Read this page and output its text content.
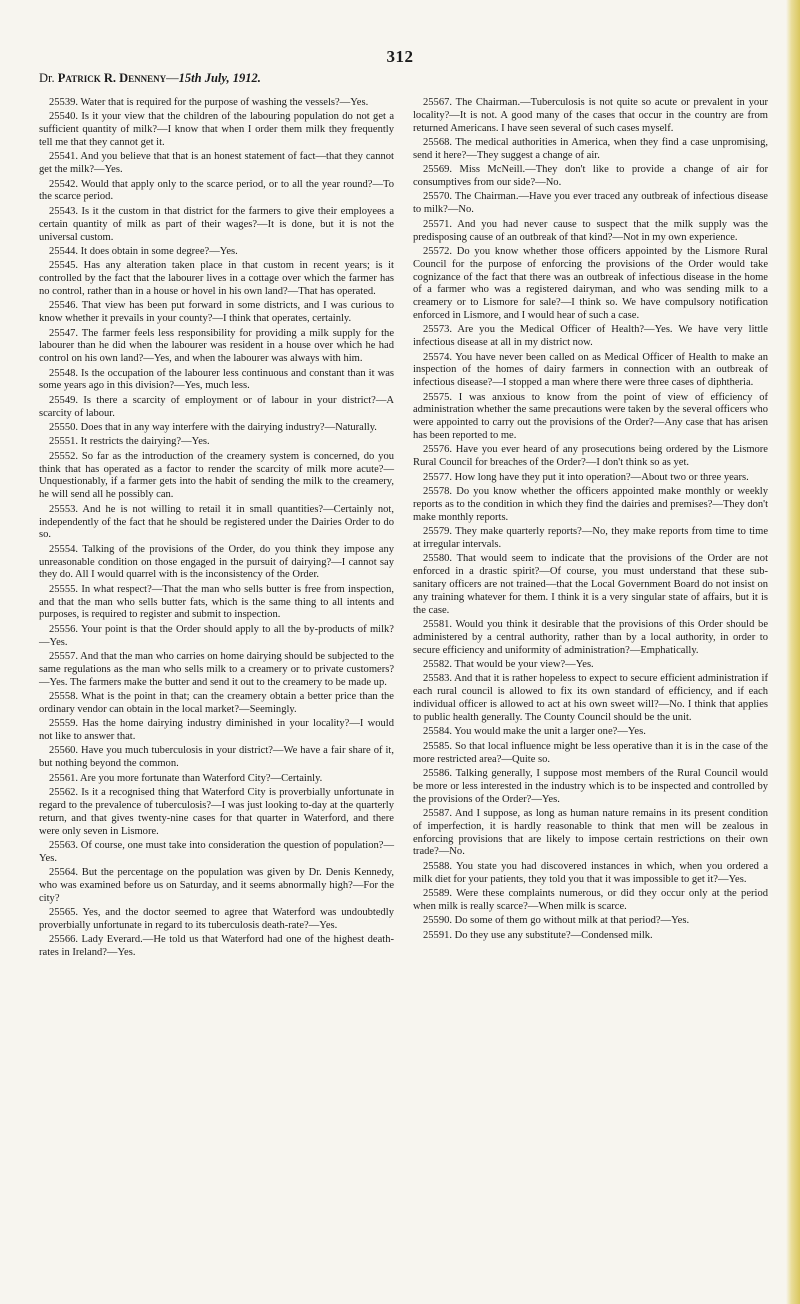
312
Dr. Patrick R. Denneny—15th July, 1912.

25539. Water that is required for the purpose of washing the vessels?—Yes.

25540. Is it your view that the children of the labouring population do not get a sufficient quantity of milk?—I know that when I order them milk they frequently tell me that they cannot get it.

25541. And you believe that that is an honest statement of fact—that they cannot get the milk?—Yes.

25542. Would that apply only to the scarce period, or to all the year round?—To the scarce period.

25543. Is it the custom in that district for the farmers to give their employees a certain quantity of milk as part of their wages?—It is done, but it is not the universal custom.

25544. It does obtain in some degree?—Yes.

25545. Has any alteration taken place in that custom in recent years; is it controlled by the fact that the labourer lives in a cottage over which the farmer has no control, rather than in a house or hovel in his own land?—That has operated.

25546. That view has been put forward in some districts, and I was curious to know whether it prevails in your county?—I think that operates, certainly.

25547. The farmer feels less responsibility for providing a milk supply for the labourer than he did when the labourer was resident in a house over which he had control on his own land?—Yes, and when the labourer was always with him.

25548. Is the occupation of the labourer less continuous and constant than it was some years ago in this division?—Yes, much less.

25549. Is there a scarcity of employment or of labour in your district?—A scarcity of labour.

25550. Does that in any way interfere with the dairying industry?—Naturally.

25551. It restricts the dairying?—Yes.

25552. So far as the introduction of the creamery system is concerned, do you think that has operated as a factor to render the scarcity of milk more acute?—Unquestionably, if a farmer gets into the habit of sending the milk to the creamery, he will send all he possibly can.

25553. And he is not willing to retail it in small quantities?—Certainly not, independently of the fact that he should be registered under the Dairies Order to do so.

25554. Talking of the provisions of the Order, do you think they impose any unreasonable condition on those engaged in the pursuit of dairying?—I cannot say they do. All I would quarrel with is the inconsistency of the Order.

25555. In what respect?—That the man who sells butter is free from inspection, and that the man who sells butter fats, which is the same thing to all intents and purposes, is required to register and submit to inspection.

25556. Your point is that the Order should apply to all the by-products of milk?—Yes.

25557. And that the man who carries on home dairying should be subjected to the same regulations as the man who sells milk to a creamery or to private customers?—Yes. The farmers make the butter and send it out to the creamery to be made up.

25558. What is the point in that; can the creamery obtain a better price than the ordinary vendor can obtain in the local market?—Seemingly.

25559. Has the home dairying industry diminished in your locality?—I would not like to answer that.

25560. Have you much tuberculosis in your district?—We have a fair share of it, but nothing beyond the common.

25561. Are you more fortunate than Waterford City?—Certainly.

25562. Is it a recognised thing that Waterford City is proverbially unfortunate in regard to the prevalence of tuberculosis?—I was just looking to-day at the quarterly return, and that gives twenty-nine cases for that quarter in Waterford, and there were only seven in Lismore.

25563. Of course, one must take into consideration the question of population?—Yes.

25564. But the percentage on the population was given by Dr. Denis Kennedy, who was examined before us on Saturday, and it seems abnormally high?—For the city?

25565. Yes, and the doctor seemed to agree that Waterford was undoubtedly proverbially unfortunate in regard to its tuberculosis death-rate?—Yes.

25566. Lady Everard.—He told us that Waterford had one of the highest death-rates in Ireland?—Yes.

25567. The Chairman.—Tuberculosis is not quite so acute or prevalent in your locality?—It is not. A good many of the cases that occur in the country are from returned Americans. I have seen several of such cases myself.

25568. The medical authorities in America, when they find a case unpromising, send it here?—They suggest a change of air.

25569. Miss McNeill.—They don't like to provide a change of air for consumptives from our side?—No.

25570. The Chairman.—Have you ever traced any outbreak of infectious disease to milk?—No.

25571. And you had never cause to suspect that the milk supply was the predisposing cause of an outbreak of that kind?—Not in my own experience.

25572. Do you know whether those officers appointed by the Lismore Rural Council for the purpose of enforcing the provisions of the Order would take cognizance of the fact that there was an outbreak of infectious disease in the home of a farmer who was a registered dairyman, and who was sending milk to a creamery or to Lismore for sale?—I think so. We have compulsory notification enforced in Lismore, and I would hear of such a case.

25573. Are you the Medical Officer of Health?—Yes. We have very little infectious disease at all in my district now.

25574. You have never been called on as Medical Officer of Health to make an inspection of the homes of dairy farmers in connection with an outbreak of infectious disease?—I stopped a man where there were three cases of diphtheria.

25575. I was anxious to know from the point of view of efficiency of administration whether the same precautions were taken by the several officers who were appointed to carry out the provisions of the Order?—Any case that has arisen has been reported to me.

25576. Have you ever heard of any prosecutions being ordered by the Lismore Rural Council for breaches of the Order?—I don't think so as yet.

25577. How long have they put it into operation?—About two or three years.

25578. Do you know whether the officers appointed make monthly or weekly reports as to the condition in which they find the dairies and premises?—They don't make monthly reports.

25579. They make quarterly reports?—No, they make reports from time to time at irregular intervals.

25580. That would seem to indicate that the provisions of the Order are not enforced in a drastic spirit?—Of course, you must understand that these sub-sanitary officers are not trained—that the Local Government Board do not insist on any training whatever for them. I think it is a very singular state of affairs, but it is the case.

25581. Would you think it desirable that the provisions of this Order should be administered by a central authority, rather than by a local authority, in order to secure efficiency and uniformity of administration?—Emphatically.

25582. That would be your view?—Yes.

25583. And that it is rather hopeless to expect to secure efficient administration if each rural council is allowed to fix its own standard of efficiency, and if each individual officer is allowed to act at his own sweet will?—No. I think that applies to public health generally. The County Council should be the unit.

25584. You would make the unit a larger one?—Yes.

25585. So that local influence might be less operative than it is in the case of the more restricted area?—Quite so.

25586. Talking generally, I suppose most members of the Rural Council would be more or less interested in the industry which is to be inspected and controlled by the provisions of the Order?—Yes.

25587. And I suppose, as long as human nature remains in its present condition of imperfection, it is hardly reasonable to think that men will be zealous in enforcing provisions that are likely to impose certain restrictions on their own trade?—No.

25588. You state you had discovered instances in which, when you ordered a milk diet for your patients, they told you that it was impossible to get it?—Yes.

25589. Were these complaints numerous, or did they occur only at the period when milk is really scarce?—When milk is scarce.

25590. Do some of them go without milk at that period?—Yes.

25591. Do they use any substitute?—Condensed milk.
